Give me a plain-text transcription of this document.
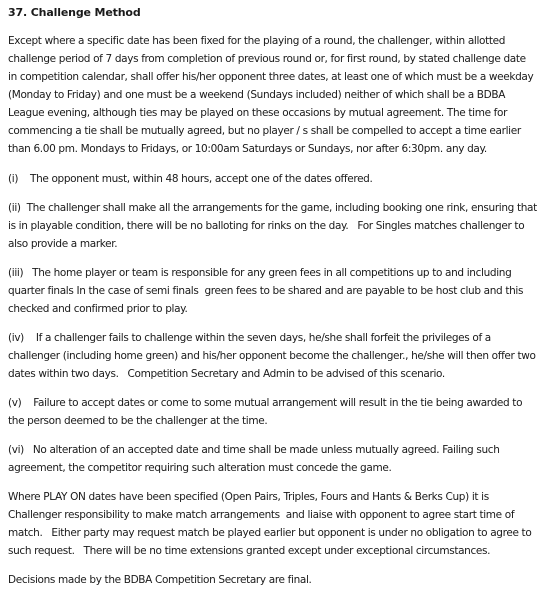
37. Challenge Method

Except where a specific date has been fixed for the playing of a round, the challenger, within allotted challenge period of 7 days from completion of previous round or, for first round, by stated challenge date in competition calendar, shall offer his/her opponent three dates, at least one of which must be a weekday (Monday to Friday) and one must be a weekend (Sundays included) neither of which shall be a BDBA League evening, although ties may be played on these occasions by mutual agreement. The time for commencing a tie shall be mutually agreed, but no player / s shall be compelled to accept a time earlier than 6.00 pm. Mondays to Fridays, or 10:00am Saturdays or Sundays, nor after 6:30pm. any day.

(i)    The opponent must, within 48 hours, accept one of the dates offered.

(ii)  The challenger shall make all the arrangements for the game, including booking one rink, ensuring that is in playable condition, there will be no balloting for rinks on the day.   For Singles matches challenger to also provide a marker.

(iii)   The home player or team is responsible for any green fees in all competitions up to and including quarter finals In the case of semi finals  green fees to be shared and are payable to be host club and this checked and confirmed prior to play.

(iv)    If a challenger fails to challenge within the seven days, he/she shall forfeit the privileges of a challenger (including home green) and his/her opponent become the challenger., he/she will then offer two dates within two days.   Competition Secretary and Admin to be advised of this scenario.

(v)    Failure to accept dates or come to some mutual arrangement will result in the tie being awarded to the person deemed to be the challenger at the time.

(vi)   No alteration of an accepted date and time shall be made unless mutually agreed. Failing such agreement, the competitor requiring such alteration must concede the game.

Where PLAY ON dates have been specified (Open Pairs, Triples, Fours and Hants & Berks Cup) it is Challenger responsibility to make match arrangements  and liaise with opponent to agree start time of match.   Either party may request match be played earlier but opponent is under no obligation to agree to such request.   There will be no time extensions granted except under exceptional circumstances.

Decisions made by the BDBA Competition Secretary are final.
